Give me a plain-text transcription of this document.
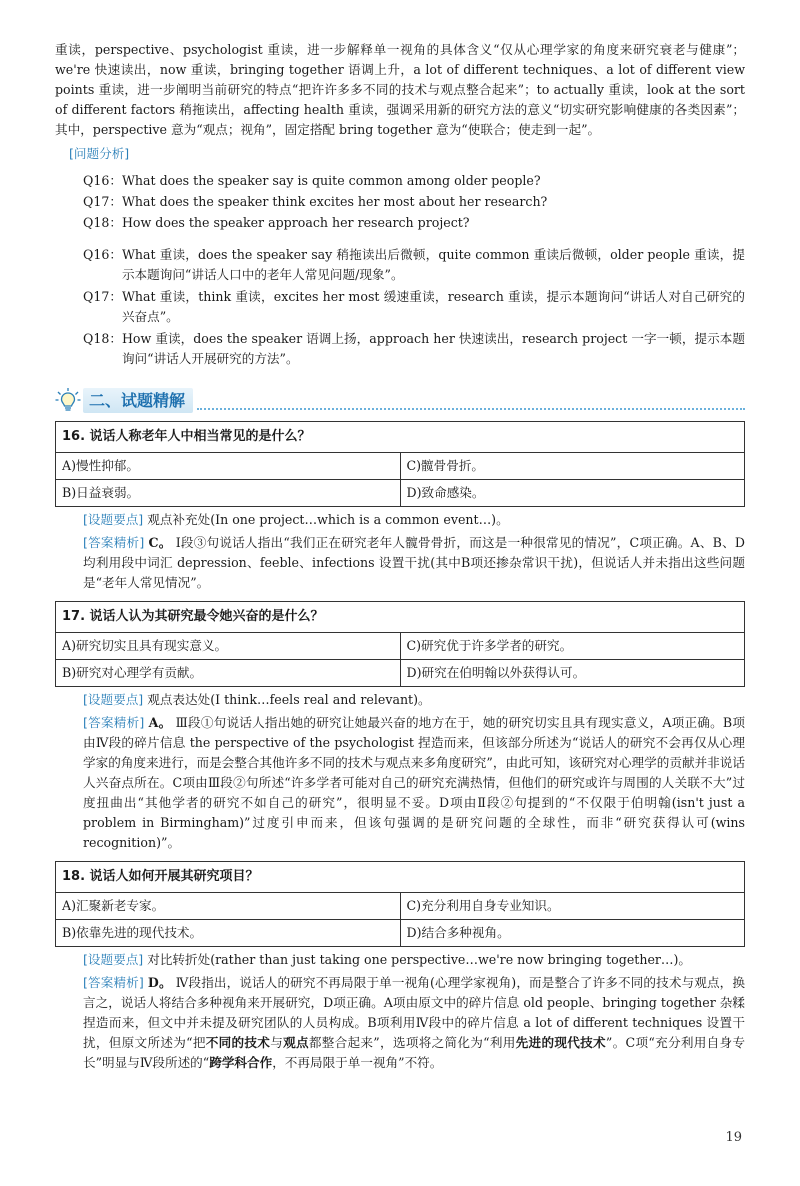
重读，perspective、psychologist 重读，进一步解释单一视角的具体含义“仅从心理学家的角度来研究衰老与健康”；we're 快速读出，now 重读，bringing together 语调上升，a lot of different techniques、a lot of different view points 重读，进一步阐明当前研究的特点“把许许多多不同的技术与观点整合起来”；to actually 重读，look at the sort of different factors 稍拖读出，affecting health 重读，强调采用新的研究方法的意义“切实研究影响健康的各类因素”；其中，perspective 意为“观点；视角”，固定搭配 bring together 意为“使联合；使走到一起”。

[问题分析]
Q16： What does the speaker say is quite common among older people?
Q17： What does the speaker think excites her most about her research?
Q18： How does the speaker approach her research project?
Q16： What 重读，does the speaker say 稍拖读出后微顿，quite common 重读后微顿，older people 重读，提示本题询问“讲话人口中的老年人常见问题/现象”。
Q17： What 重读，think 重读，excites her most 缓速重读，research 重读，提示本题询问“讲话人对自己研究的兴奋点”。
Q18： How 重读，does the speaker 语调上扬，approach her 快速读出，research project 一字一顿，提示本题询问“讲话人开展研究的方法”。
二、试题精解
16. 说话人称老年人中相当常见的是什么？	
A)慢性抑郁。	C)髋骨骨折。
B)日益衰弱。	D)致命感染。

[设题要点] 观点补充处(In one project…which is a common event…)。

[答案精析] C。 Ⅰ段③句说话人指出“我们正在研究老年人髋骨骨折，而这是一种很常见的情况”，C项正确。A、B、D均利用段中词汇 depression、feeble、infections 设置干扰(其中B项还掺杂常识干扰)，但说话人并未指出这些问题是“老年人常见情况”。

17. 说话人认为其研究最令她兴奋的是什么？	
A)研究切实且具有现实意义。	C)研究优于许多学者的研究。
B)研究对心理学有贡献。	D)研究在伯明翰以外获得认可。

[设题要点] 观点表达处(I think…feels real and relevant)。

[答案精析] A。 Ⅲ段①句说话人指出她的研究让她最兴奋的地方在于，她的研究切实且具有现实意义，A项正确。B项由Ⅳ段的碎片信息 the perspective of the psychologist 捏造而来，但该部分所述为“说话人的研究不会再仅从心理学家的角度来进行，而是会整合其他许多不同的技术与观点来多角度研究”，由此可知，该研究对心理学的贡献并非说话人兴奋点所在。C项由Ⅲ段②句所述“许多学者可能对自己的研究充满热情，但他们的研究或许与周围的人关联不大”过度扭曲出“其他学者的研究不如自己的研究”，很明显不妥。D项由Ⅱ段②句提到的“不仅限于伯明翰(isn't just a problem in Birmingham)”过度引申而来，但该句强调的是研究问题的全球性，而非“研究获得认可(wins recognition)”。

18. 说话人如何开展其研究项目？	
A)汇聚新老专家。	C)充分利用自身专业知识。
B)依靠先进的现代技术。	D)结合多种视角。

[设题要点] 对比转折处(rather than just taking one perspective…we're now bringing together…)。

[答案精析] D。 Ⅳ段指出，说话人的研究不再局限于单一视角(心理学家视角)，而是整合了许多不同的技术与观点，换言之，说话人将结合多种视角来开展研究，D项正确。A项由原文中的碎片信息 old people、bringing together 杂糅捏造而来，但文中并未提及研究团队的人员构成。B项利用Ⅳ段中的碎片信息 a lot of different techniques 设置干扰，但原文所述为“把不同的技术与观点都整合起来”，选项将之简化为“利用先进的现代技术”。C项“充分利用自身专长”明显与Ⅳ段所述的“跨学科合作，不再局限于单一视角”不符。

19
